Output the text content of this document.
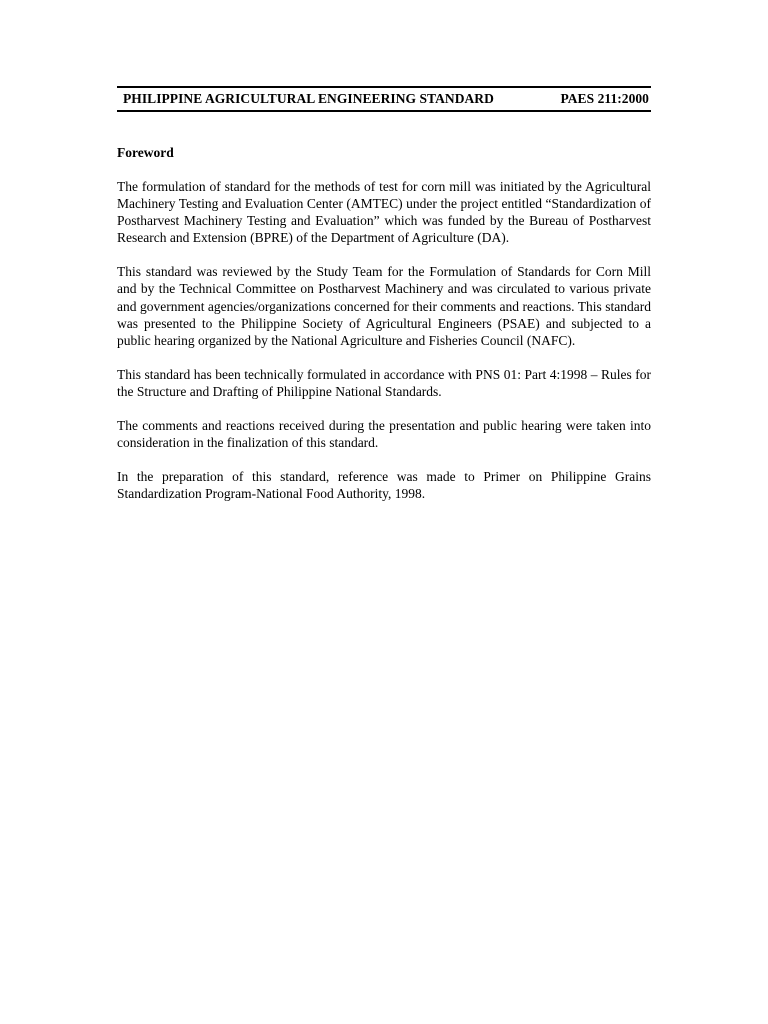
PHILIPPINE AGRICULTURAL ENGINEERING STANDARD	PAES 211:2000
Foreword

The formulation of standard for the methods of test for corn mill was initiated by the Agricultural Machinery Testing and Evaluation Center (AMTEC) under the project entitled “Standardization of Postharvest Machinery Testing and Evaluation” which was funded by the Bureau of Postharvest Research and Extension (BPRE) of the Department of Agriculture (DA).

This standard was reviewed by the Study Team for the Formulation of Standards for Corn Mill and by the Technical Committee on Postharvest Machinery and was circulated to various private and government agencies/organizations concerned for their comments and reactions. This standard was presented to the Philippine Society of Agricultural Engineers (PSAE) and subjected to a public hearing organized by the National Agriculture and Fisheries Council (NAFC).

This standard has been technically formulated in accordance with PNS 01: Part 4:1998 – Rules for the Structure and Drafting of Philippine National Standards.

The comments and reactions received during the presentation and public hearing were taken into consideration in the finalization of this standard.

In the preparation of this standard, reference was made to Primer on Philippine Grains Standardization Program-National Food Authority, 1998.
